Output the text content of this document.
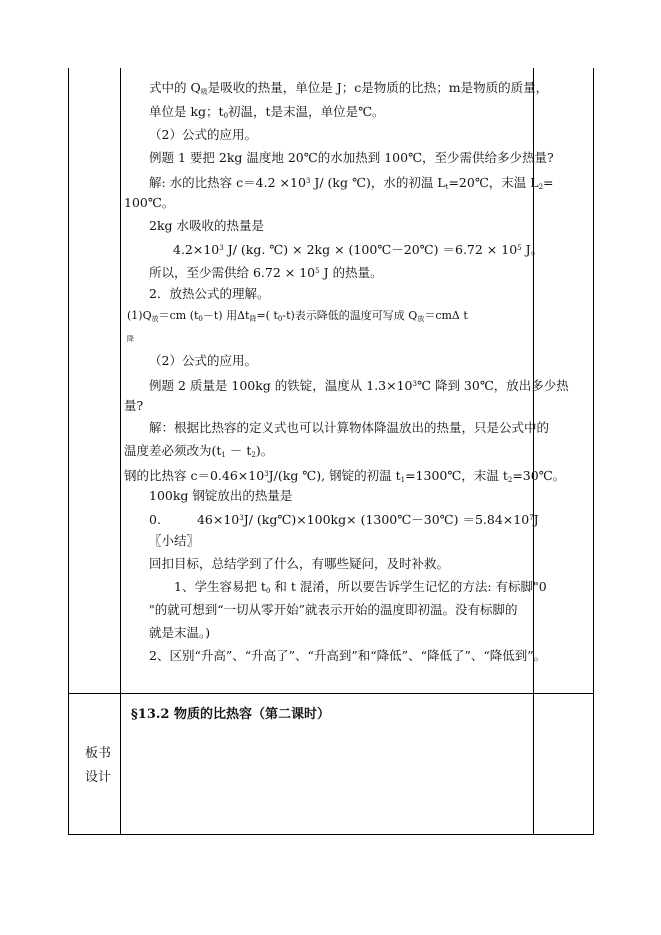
式中的 $Q_吸$是吸收的热量，单位是 J；c是物质的比热；m是物质的质量，
单位是 kg；$t_0$初温，t是末温，单位是℃。
（2）公式的应用。
例题 1 要把 2kg 温度地 20℃的水加热到 100℃，至少需供给多少热量?
解: 水的比热容 $c=4.2 \times 10^3$ J/ (kg ℃)，水的初温 $L_t=20℃$，末温 $L_2=$
100℃。
2kg 水吸收的热量是
$4.2\times 10^3$ J/ (kg. ℃) × 2kg × (100℃－20℃) $=6.72 \times 10^5$ J。
所以，至少需供给 $6.72 \times 10^5$ J 的热量。
2．放热公式的理解。
$(1)Q_放=cm$ $(t_0-t)$ 用$\Delta t_降=$( $t_0-t$)表示降低的温度可写成 $Q_放=cm\Delta$ t
降
（2）公式的应用。
例题 2 质量是 100kg 的铁锭，温度从 $1.3\times 10^3℃$ 降到 30℃，放出多少热
量?
解：根据比热容的定义式也可以计算物体降温放出的热量，只是公式中的
温度差必须改为$(t_1 - t_2)$。
钢的比热容 $c=0.46\times 10^3J/(kg$ ℃), 钢锭的初温 $t_1=1300℃$，末温 $t_2=30℃$。
100kg 钢锭放出的热量是
0.	$46\times 10^3J/$ (kg℃)×100kg× (1300℃－30℃) $=5.84\times 10^7J$
〖小结〗
回扣目标，总结学到了什么，有哪些疑问，及时补救。
1、学生容易把 $t_0$ 和 t 混淆，所以要告诉学生记忆的方法: 有标脚"0
"的就可想到“一切从零开始”就表示开始的温度即初温。没有标脚的
就是末温。)
2、区别“升高”、“升高了”、“升高到”和“降低”、“降低了”、“降低到”。
板书
设计
§13.2 物质的比热容（第二课时）
